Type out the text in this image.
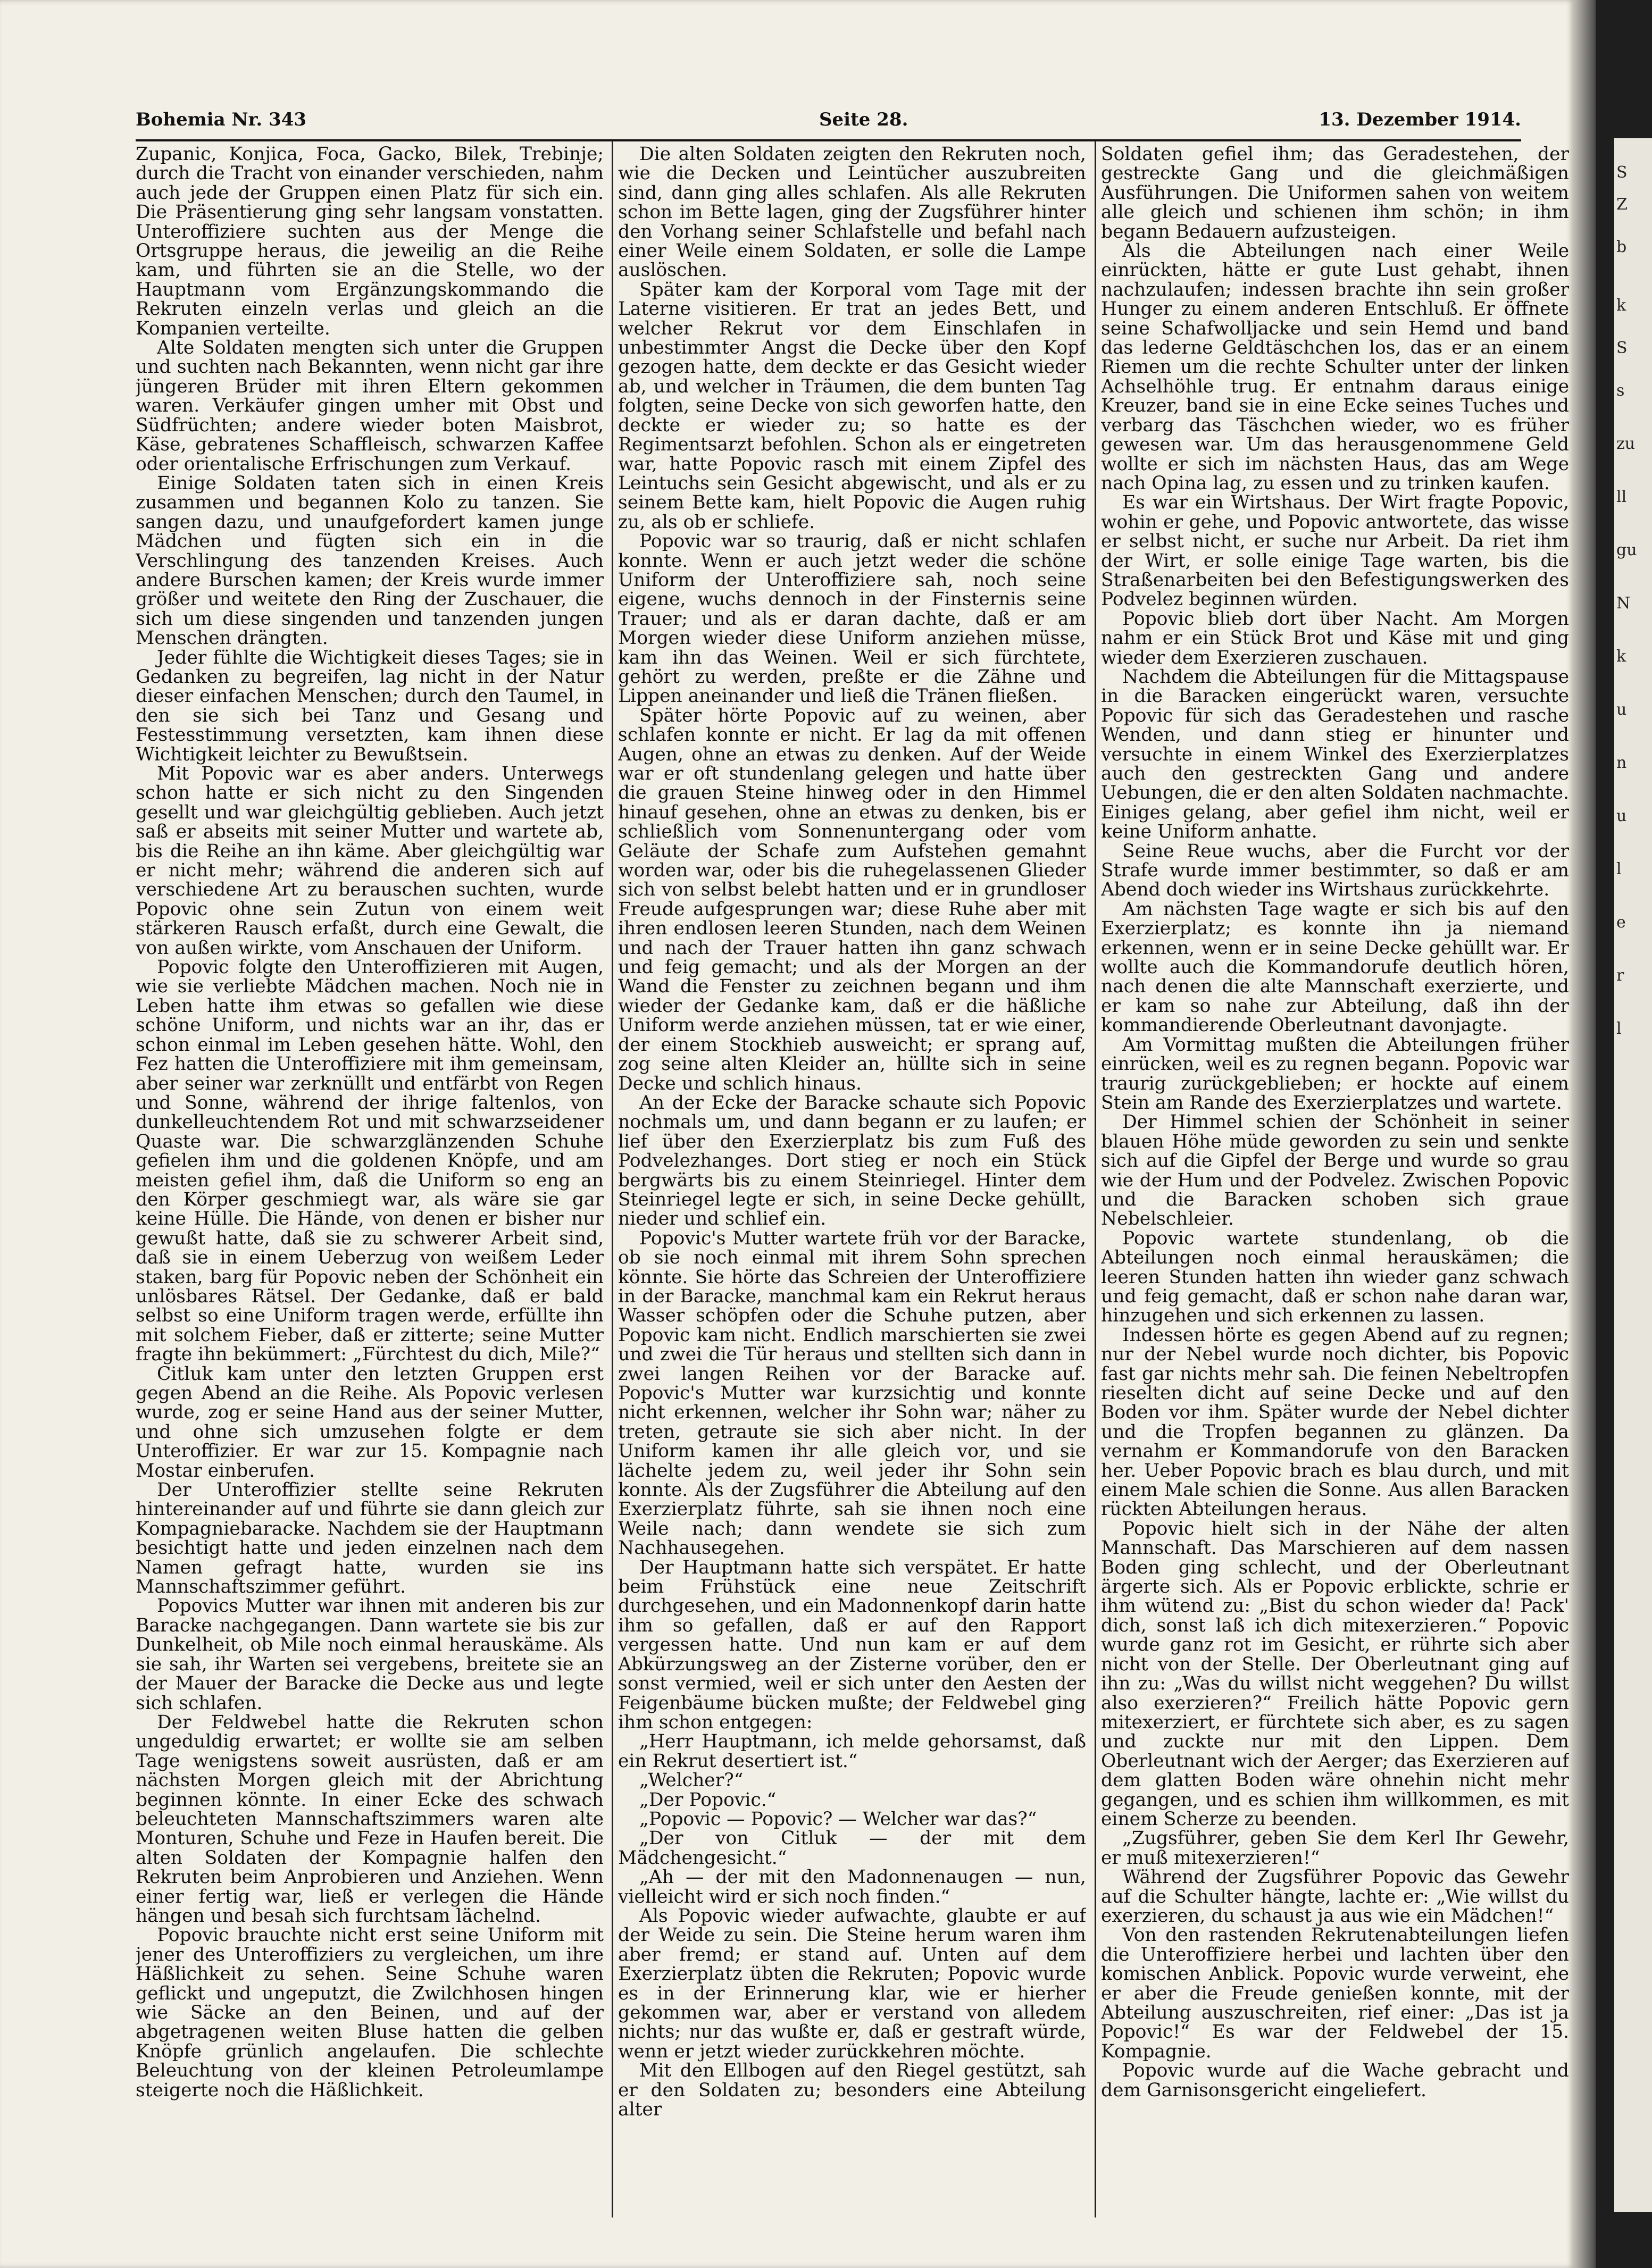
S
Z
b
k
S
s
zu
ll
gu
N
k
u
n
u
l
e
r
l
Bohemia Nr. 343	Seite 28.	13. Dezember 1914.

Zupanic, Konjica, Foca, Gacko, Bilek, Trebinje; durch die Tracht von einander verschieden, nahm auch jede der Gruppen einen Platz für sich ein. Die Präsentierung ging sehr langsam vonstatten. Unteroffiziere suchten aus der Menge die Ortsgruppe heraus, die jeweilig an die Reihe kam, und führten sie an die Stelle, wo der Hauptmann vom Ergänzungskommando die Rekruten einzeln verlas und gleich an die Kompanien verteilte.

Alte Soldaten mengten sich unter die Gruppen und suchten nach Bekannten, wenn nicht gar ihre jüngeren Brüder mit ihren Eltern gekommen waren. Verkäufer gingen umher mit Obst und Südfrüchten; andere wieder boten Maisbrot, Käse, gebratenes Schaffleisch, schwarzen Kaffee oder orientalische Erfrischungen zum Verkauf.

Einige Soldaten taten sich in einen Kreis zusammen und begannen Kolo zu tanzen. Sie sangen dazu, und unaufgefordert kamen junge Mädchen und fügten sich ein in die Verschlingung des tanzenden Kreises. Auch andere Burschen kamen; der Kreis wurde immer größer und weitete den Ring der Zuschauer, die sich um diese singenden und tanzenden jungen Menschen drängten.

Jeder fühlte die Wichtigkeit dieses Tages; sie in Gedanken zu begreifen, lag nicht in der Natur dieser einfachen Menschen; durch den Taumel, in den sie sich bei Tanz und Gesang und Festesstimmung versetzten, kam ihnen diese Wichtigkeit leichter zu Bewußtsein.

Mit Popovic war es aber anders. Unterwegs schon hatte er sich nicht zu den Singenden gesellt und war gleichgültig geblieben. Auch jetzt saß er abseits mit seiner Mutter und wartete ab, bis die Reihe an ihn käme. Aber gleichgültig war er nicht mehr; während die anderen sich auf verschiedene Art zu berauschen suchten, wurde Popovic ohne sein Zutun von einem weit stärkeren Rausch erfaßt, durch eine Gewalt, die von außen wirkte, vom Anschauen der Uniform.

Popovic folgte den Unteroffizieren mit Augen, wie sie verliebte Mädchen machen. Noch nie in Leben hatte ihm etwas so gefallen wie diese schöne Uniform, und nichts war an ihr, das er schon einmal im Leben gesehen hätte. Wohl, den Fez hatten die Unteroffiziere mit ihm gemeinsam, aber seiner war zerknüllt und entfärbt von Regen und Sonne, während der ihrige faltenlos, von dunkelleuchtendem Rot und mit schwarzseidener Quaste war. Die schwarzglänzenden Schuhe gefielen ihm und die goldenen Knöpfe, und am meisten gefiel ihm, daß die Uniform so eng an den Körper geschmiegt war, als wäre sie gar keine Hülle. Die Hände, von denen er bisher nur gewußt hatte, daß sie zu schwerer Arbeit sind, daß sie in einem Ueberzug von weißem Leder staken, barg für Popovic neben der Schönheit ein unlösbares Rätsel. Der Gedanke, daß er bald selbst so eine Uniform tragen werde, erfüllte ihn mit solchem Fieber, daß er zitterte; seine Mutter fragte ihn bekümmert: „Fürchtest du dich, Mile?“

Citluk kam unter den letzten Gruppen erst gegen Abend an die Reihe. Als Popovic verlesen wurde, zog er seine Hand aus der seiner Mutter, und ohne sich umzusehen folgte er dem Unteroffizier. Er war zur 15. Kompagnie nach Mostar einberufen.

Der Unteroffizier stellte seine Rekruten hintereinander auf und führte sie dann gleich zur Kompagniebaracke. Nachdem sie der Hauptmann besichtigt hatte und jeden einzelnen nach dem Namen gefragt hatte, wurden sie ins Mannschaftszimmer geführt.

Popovics Mutter war ihnen mit anderen bis zur Baracke nachgegangen. Dann wartete sie bis zur Dunkelheit, ob Mile noch einmal herauskäme. Als sie sah, ihr Warten sei vergebens, breitete sie an der Mauer der Baracke die Decke aus und legte sich schlafen.

Der Feldwebel hatte die Rekruten schon ungeduldig erwartet; er wollte sie am selben Tage wenigstens soweit ausrüsten, daß er am nächsten Morgen gleich mit der Abrichtung beginnen könnte. In einer Ecke des schwach beleuchteten Mannschaftszimmers waren alte Monturen, Schuhe und Feze in Haufen bereit. Die alten Soldaten der Kompagnie halfen den Rekruten beim Anprobieren und Anziehen. Wenn einer fertig war, ließ er verlegen die Hände hängen und besah sich furchtsam lächelnd.

Popovic brauchte nicht erst seine Uniform mit jener des Unteroffiziers zu vergleichen, um ihre Häßlichkeit zu sehen. Seine Schuhe waren geflickt und ungeputzt, die Zwilchhosen hingen wie Säcke an den Beinen, und auf der abgetragenen weiten Bluse hatten die gelben Knöpfe grünlich angelaufen. Die schlechte Beleuchtung von der kleinen Petroleumlampe steigerte noch die Häßlichkeit.

Die alten Soldaten zeigten den Rekruten noch, wie die Decken und Leintücher auszubreiten sind, dann ging alles schlafen. Als alle Rekruten schon im Bette lagen, ging der Zugsführer hinter den Vorhang seiner Schlafstelle und befahl nach einer Weile einem Soldaten, er solle die Lampe auslöschen.

Später kam der Korporal vom Tage mit der Laterne visitieren. Er trat an jedes Bett, und welcher Rekrut vor dem Einschlafen in unbestimmter Angst die Decke über den Kopf gezogen hatte, dem deckte er das Gesicht wieder ab, und welcher in Träumen, die dem bunten Tag folgten, seine Decke von sich geworfen hatte, den deckte er wieder zu; so hatte es der Regimentsarzt befohlen. Schon als er eingetreten war, hatte Popovic rasch mit einem Zipfel des Leintuchs sein Gesicht abgewischt, und als er zu seinem Bette kam, hielt Popovic die Augen ruhig zu, als ob er schliefe.

Popovic war so traurig, daß er nicht schlafen konnte. Wenn er auch jetzt weder die schöne Uniform der Unteroffiziere sah, noch seine eigene, wuchs dennoch in der Finsternis seine Trauer; und als er daran dachte, daß er am Morgen wieder diese Uniform anziehen müsse, kam ihn das Weinen. Weil er sich fürchtete, gehört zu werden, preßte er die Zähne und Lippen aneinander und ließ die Tränen fließen.

Später hörte Popovic auf zu weinen, aber schlafen konnte er nicht. Er lag da mit offenen Augen, ohne an etwas zu denken. Auf der Weide war er oft stundenlang gelegen und hatte über die grauen Steine hinweg oder in den Himmel hinauf gesehen, ohne an etwas zu denken, bis er schließlich vom Sonnenuntergang oder vom Geläute der Schafe zum Aufstehen gemahnt worden war, oder bis die ruhegelassenen Glieder sich von selbst belebt hatten und er in grundloser Freude aufgesprungen war; diese Ruhe aber mit ihren endlosen leeren Stunden, nach dem Weinen und nach der Trauer hatten ihn ganz schwach und feig gemacht; und als der Morgen an der Wand die Fenster zu zeichnen begann und ihm wieder der Gedanke kam, daß er die häßliche Uniform werde anziehen müssen, tat er wie einer, der einem Stockhieb ausweicht; er sprang auf, zog seine alten Kleider an, hüllte sich in seine Decke und schlich hinaus.

An der Ecke der Baracke schaute sich Popovic nochmals um, und dann begann er zu laufen; er lief über den Exerzierplatz bis zum Fuß des Podvelezhanges. Dort stieg er noch ein Stück bergwärts bis zu einem Steinriegel. Hinter dem Steinriegel legte er sich, in seine Decke gehüllt, nieder und schlief ein.

Popovic's Mutter wartete früh vor der Baracke, ob sie noch einmal mit ihrem Sohn sprechen könnte. Sie hörte das Schreien der Unteroffiziere in der Baracke, manchmal kam ein Rekrut heraus Wasser schöpfen oder die Schuhe putzen, aber Popovic kam nicht. Endlich marschierten sie zwei und zwei die Tür heraus und stellten sich dann in zwei langen Reihen vor der Baracke auf. Popovic's Mutter war kurzsichtig und konnte nicht erkennen, welcher ihr Sohn war; näher zu treten, getraute sie sich aber nicht. In der Uniform kamen ihr alle gleich vor, und sie lächelte jedem zu, weil jeder ihr Sohn sein konnte. Als der Zugsführer die Abteilung auf den Exerzierplatz führte, sah sie ihnen noch eine Weile nach; dann wendete sie sich zum Nachhausegehen.

Der Hauptmann hatte sich verspätet. Er hatte beim Frühstück eine neue Zeitschrift durchgesehen, und ein Madonnenkopf darin hatte ihm so gefallen, daß er auf den Rapport vergessen hatte. Und nun kam er auf dem Abkürzungsweg an der Zisterne vorüber, den er sonst vermied, weil er sich unter den Aesten der Feigenbäume bücken mußte; der Feldwebel ging ihm schon entgegen:

„Herr Hauptmann, ich melde gehorsamst, daß ein Rekrut desertiert ist.“

„Welcher?“

„Der Popovic.“

„Popovic — Popovic? — Welcher war das?“

„Der von Citluk — der mit dem Mädchengesicht.“

„Ah — der mit den Madonnenaugen — nun, vielleicht wird er sich noch finden.“

Als Popovic wieder aufwachte, glaubte er auf der Weide zu sein. Die Steine herum waren ihm aber fremd; er stand auf. Unten auf dem Exerzierplatz übten die Rekruten; Popovic wurde es in der Erinnerung klar, wie er hierher gekommen war, aber er verstand von alledem nichts; nur das wußte er, daß er gestraft würde, wenn er jetzt wieder zurückkehren möchte.

Mit den Ellbogen auf den Riegel gestützt, sah er den Soldaten zu; besonders eine Abteilung alter

Soldaten gefiel ihm; das Geradestehen, der gestreckte Gang und die gleichmäßigen Ausführungen. Die Uniformen sahen von weitem alle gleich und schienen ihm schön; in ihm begann Bedauern aufzusteigen.

Als die Abteilungen nach einer Weile einrückten, hätte er gute Lust gehabt, ihnen nachzulaufen; indessen brachte ihn sein großer Hunger zu einem anderen Entschluß. Er öffnete seine Schafwolljacke und sein Hemd und band das lederne Geldtäschchen los, das er an einem Riemen um die rechte Schulter unter der linken Achselhöhle trug. Er entnahm daraus einige Kreuzer, band sie in eine Ecke seines Tuches und verbarg das Täschchen wieder, wo es früher gewesen war. Um das herausgenommene Geld wollte er sich im nächsten Haus, das am Wege nach Opina lag, zu essen und zu trinken kaufen.

Es war ein Wirtshaus. Der Wirt fragte Popovic, wohin er gehe, und Popovic antwortete, das wisse er selbst nicht, er suche nur Arbeit. Da riet ihm der Wirt, er solle einige Tage warten, bis die Straßenarbeiten bei den Befestigungswerken des Podvelez beginnen würden.

Popovic blieb dort über Nacht. Am Morgen nahm er ein Stück Brot und Käse mit und ging wieder dem Exerzieren zuschauen.

Nachdem die Abteilungen für die Mittagspause in die Baracken eingerückt waren, versuchte Popovic für sich das Geradestehen und rasche Wenden, und dann stieg er hinunter und versuchte in einem Winkel des Exerzierplatzes auch den gestreckten Gang und andere Uebungen, die er den alten Soldaten nachmachte. Einiges gelang, aber gefiel ihm nicht, weil er keine Uniform anhatte.

Seine Reue wuchs, aber die Furcht vor der Strafe wurde immer bestimmter, so daß er am Abend doch wieder ins Wirtshaus zurückkehrte.

Am nächsten Tage wagte er sich bis auf den Exerzierplatz; es konnte ihn ja niemand erkennen, wenn er in seine Decke gehüllt war. Er wollte auch die Kommandorufe deutlich hören, nach denen die alte Mannschaft exerzierte, und er kam so nahe zur Abteilung, daß ihn der kommandierende Oberleutnant davonjagte.

Am Vormittag mußten die Abteilungen früher einrücken, weil es zu regnen begann. Popovic war traurig zurückgeblieben; er hockte auf einem Stein am Rande des Exerzierplatzes und wartete.

Der Himmel schien der Schönheit in seiner blauen Höhe müde geworden zu sein und senkte sich auf die Gipfel der Berge und wurde so grau wie der Hum und der Podvelez. Zwischen Popovic und die Baracken schoben sich graue Nebelschleier.

Popovic wartete stundenlang, ob die Abteilungen noch einmal herauskämen; die leeren Stunden hatten ihn wieder ganz schwach und feig gemacht, daß er schon nahe daran war, hinzugehen und sich erkennen zu lassen.

Indessen hörte es gegen Abend auf zu regnen; nur der Nebel wurde noch dichter, bis Popovic fast gar nichts mehr sah. Die feinen Nebeltropfen rieselten dicht auf seine Decke und auf den Boden vor ihm. Später wurde der Nebel dichter und die Tropfen begannen zu glänzen. Da vernahm er Kommandorufe von den Baracken her. Ueber Popovic brach es blau durch, und mit einem Male schien die Sonne. Aus allen Baracken rückten Abteilungen heraus.

Popovic hielt sich in der Nähe der alten Mannschaft. Das Marschieren auf dem nassen Boden ging schlecht, und der Oberleutnant ärgerte sich. Als er Popovic erblickte, schrie er ihm wütend zu: „Bist du schon wieder da! Pack' dich, sonst laß ich dich mitexerzieren.“ Popovic wurde ganz rot im Gesicht, er rührte sich aber nicht von der Stelle. Der Oberleutnant ging auf ihn zu: „Was du willst nicht weggehen? Du willst also exerzieren?“ Freilich hätte Popovic gern mitexerziert, er fürchtete sich aber, es zu sagen und zuckte nur mit den Lippen. Dem Oberleutnant wich der Aerger; das Exerzieren auf dem glatten Boden wäre ohnehin nicht mehr gegangen, und es schien ihm willkommen, es mit einem Scherze zu beenden.

„Zugsführer, geben Sie dem Kerl Ihr Gewehr, er muß mitexerzieren!“

Während der Zugsführer Popovic das Gewehr auf die Schulter hängte, lachte er: „Wie willst du exerzieren, du schaust ja aus wie ein Mädchen!“

Von den rastenden Rekrutenabteilungen liefen die Unteroffiziere herbei und lachten über den komischen Anblick. Popovic wurde verweint, ehe er aber die Freude genießen konnte, mit der Abteilung auszuschreiten, rief einer: „Das ist ja Popovic!“ Es war der Feldwebel der 15. Kompagnie.

Popovic wurde auf die Wache gebracht und dem Garnisonsgericht eingeliefert.
